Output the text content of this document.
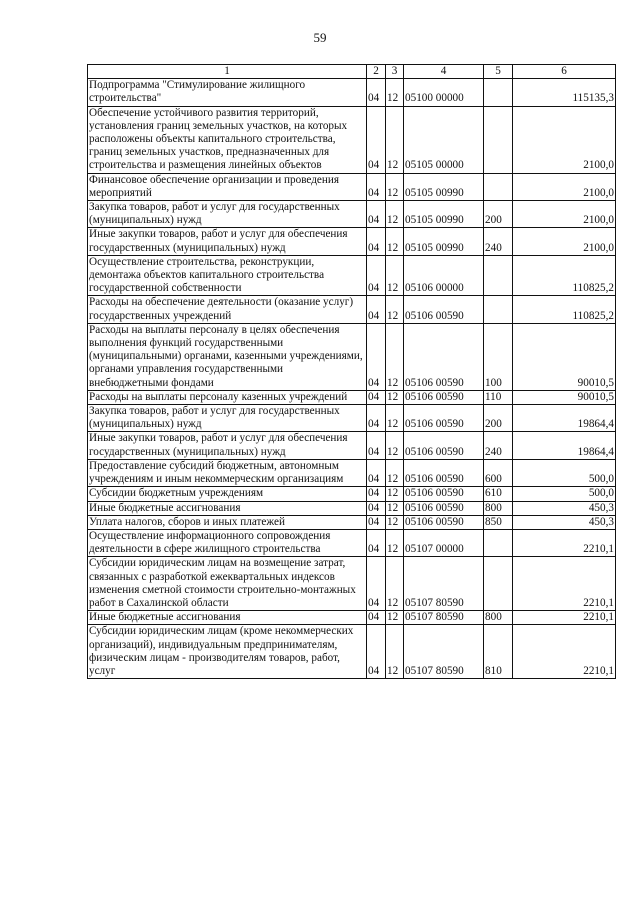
59
1	2	3	4	5	6
Подпрограмма "Стимулирование жилищного строительства"	04	12	05100 00000		115135,3
Обеспечение устойчивого развития территорий, установления границ земельных участков, на которых расположены объекты капитального строительства, границ земельных участков, предназначенных для строительства и размещения линейных объектов	04	12	05105 00000		2100,0
Финансовое обеспечение организации и проведения мероприятий	04	12	05105 00990		2100,0
Закупка товаров, работ и услуг для государственных (муниципальных) нужд	04	12	05105 00990	200	2100,0
Иные закупки товаров, работ и услуг для обеспечения государственных (муниципальных) нужд	04	12	05105 00990	240	2100,0
Осуществление строительства, реконструкции, демонтажа объектов капитального строительства государственной собственности	04	12	05106 00000		110825,2
Расходы на обеспечение деятельности (оказание услуг) государственных учреждений	04	12	05106 00590		110825,2
Расходы на выплаты персоналу в целях обеспечения выполнения функций государственными (муниципальными) органами, казенными учреждениями, органами управления государственными внебюджетными фондами	04	12	05106 00590	100	90010,5
Расходы на выплаты персоналу казенных учреждений	04	12	05106 00590	110	90010,5
Закупка товаров, работ и услуг для государственных (муниципальных) нужд	04	12	05106 00590	200	19864,4
Иные закупки товаров, работ и услуг для обеспечения государственных (муниципальных) нужд	04	12	05106 00590	240	19864,4
Предоставление субсидий бюджетным, автономным учреждениям и иным некоммерческим организациям	04	12	05106 00590	600	500,0
Субсидии бюджетным учреждениям	04	12	05106 00590	610	500,0
Иные бюджетные ассигнования	04	12	05106 00590	800	450,3
Уплата налогов, сборов и иных платежей	04	12	05106 00590	850	450,3
Осуществление информационного сопровождения деятельности в сфере жилищного строительства	04	12	05107 00000		2210,1
Субсидии юридическим лицам на возмещение затрат, связанных с разработкой ежеквартальных индексов изменения сметной стоимости строительно-монтажных работ в Сахалинской области	04	12	05107 80590		2210,1
Иные бюджетные ассигнования	04	12	05107 80590	800	2210,1
Субсидии юридическим лицам (кроме некоммерческих организаций), индивидуальным предпринимателям, физическим лицам - производителям товаров, работ, услуг	04	12	05107 80590	810	2210,1
